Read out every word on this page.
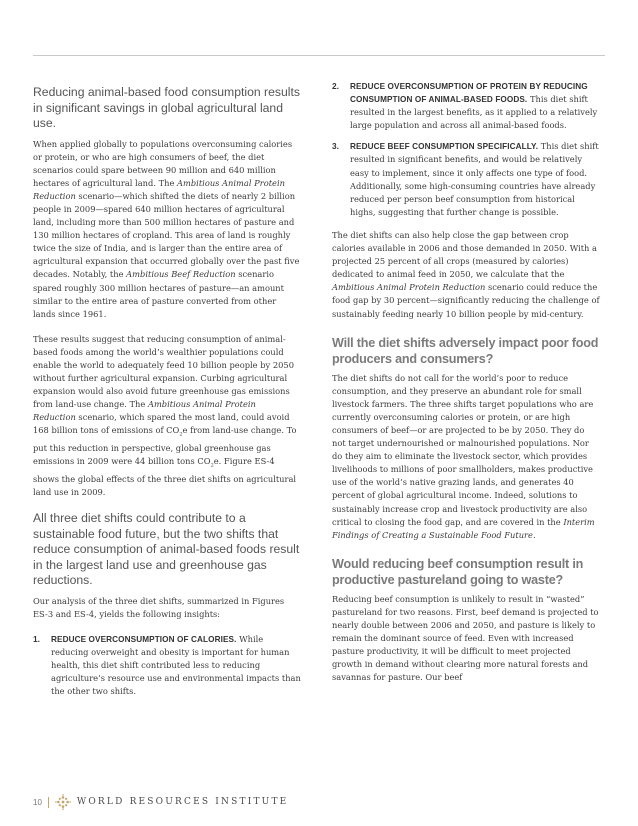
Reducing animal-based food consumption results in significant savings in global agricultural land use.

When applied globally to populations overconsuming calories or protein, or who are high consumers of beef, the diet scenarios could spare between 90 million and 640 million hectares of agricultural land. The Ambitious Animal Protein Reduction scenario—which shifted the diets of nearly 2 billion people in 2009—spared 640 million hectares of agricultural land, including more than 500 million hectares of pasture and 130 million hectares of cropland. This area of land is roughly twice the size of India, and is larger than the entire area of agricultural expansion that occurred globally over the past five decades. Notably, the Ambitious Beef Reduction scenario spared roughly 300 million hectares of pasture—an amount similar to the entire area of pasture converted from other lands since 1961.

These results suggest that reducing consumption of animal-based foods among the world’s wealthier populations could enable the world to adequately feed 10 billion people by 2050 without further agricultural expansion. Curbing agricultural expansion would also avoid future greenhouse gas emissions from land-use change. The Ambitious Animal Protein Reduction scenario, which spared the most land, could avoid 168 billion tons of emissions of $CO_2e$ from land-use change. To put this reduction in perspective, global greenhouse gas emissions in 2009 were 44 billion tons $CO_2e$. Figure ES-4 shows the global effects of the three diet shifts on agricultural land use in 2009.

All three diet shifts could contribute to a sustainable food future, but the two shifts that reduce consumption of animal-based foods result in the largest land use and greenhouse gas reductions.

Our analysis of the three diet shifts, summarized in Figures ES-3 and ES-4, yields the following insights:

1. REDUCE OVERCONSUMPTION OF CALORIES. While reducing overweight and obesity is important for human health, this diet shift contributed less to reducing agriculture’s resource use and environmental impacts than the other two shifts.
2. REDUCE OVERCONSUMPTION OF PROTEIN BY REDUCING CONSUMPTION OF ANIMAL-BASED FOODS. This diet shift resulted in the largest benefits, as it applied to a relatively large population and across all animal-based foods.
3. REDUCE BEEF CONSUMPTION SPECIFICALLY. This diet shift resulted in significant benefits, and would be relatively easy to implement, since it only affects one type of food. Additionally, some high-consuming countries have already reduced per person beef consumption from historical highs, suggesting that further change is possible.

The diet shifts can also help close the gap between crop calories available in 2006 and those demanded in 2050. With a projected 25 percent of all crops (measured by calories) dedicated to animal feed in 2050, we calculate that the Ambitious Animal Protein Reduction scenario could reduce the food gap by 30 percent—significantly reducing the challenge of sustainably feeding nearly 10 billion people by mid-century.

Will the diet shifts adversely impact poor food producers and consumers?

The diet shifts do not call for the world’s poor to reduce consumption, and they preserve an abundant role for small livestock farmers. The three shifts target populations who are currently overconsuming calories or protein, or are high consumers of beef—or are projected to be by 2050. They do not target undernourished or malnourished populations. Nor do they aim to eliminate the livestock sector, which provides livelihoods to millions of poor smallholders, makes productive use of the world’s native grazing lands, and generates 40 percent of global agricultural income. Indeed, solutions to sustainably increase crop and livestock productivity are also critical to closing the food gap, and are covered in the Interim Findings of Creating a Sustainable Food Future.

Would reducing beef consumption result in productive pastureland going to waste?

Reducing beef consumption is unlikely to result in “wasted” pastureland for two reasons. First, beef demand is projected to nearly double between 2006 and 2050, and pasture is likely to remain the dominant source of feed. Even with increased pasture productivity, it will be difficult to meet projected growth in demand without clearing more natural forests and savannas for pasture. Our beef

10	WORLD RESOURCES INSTITUTE
